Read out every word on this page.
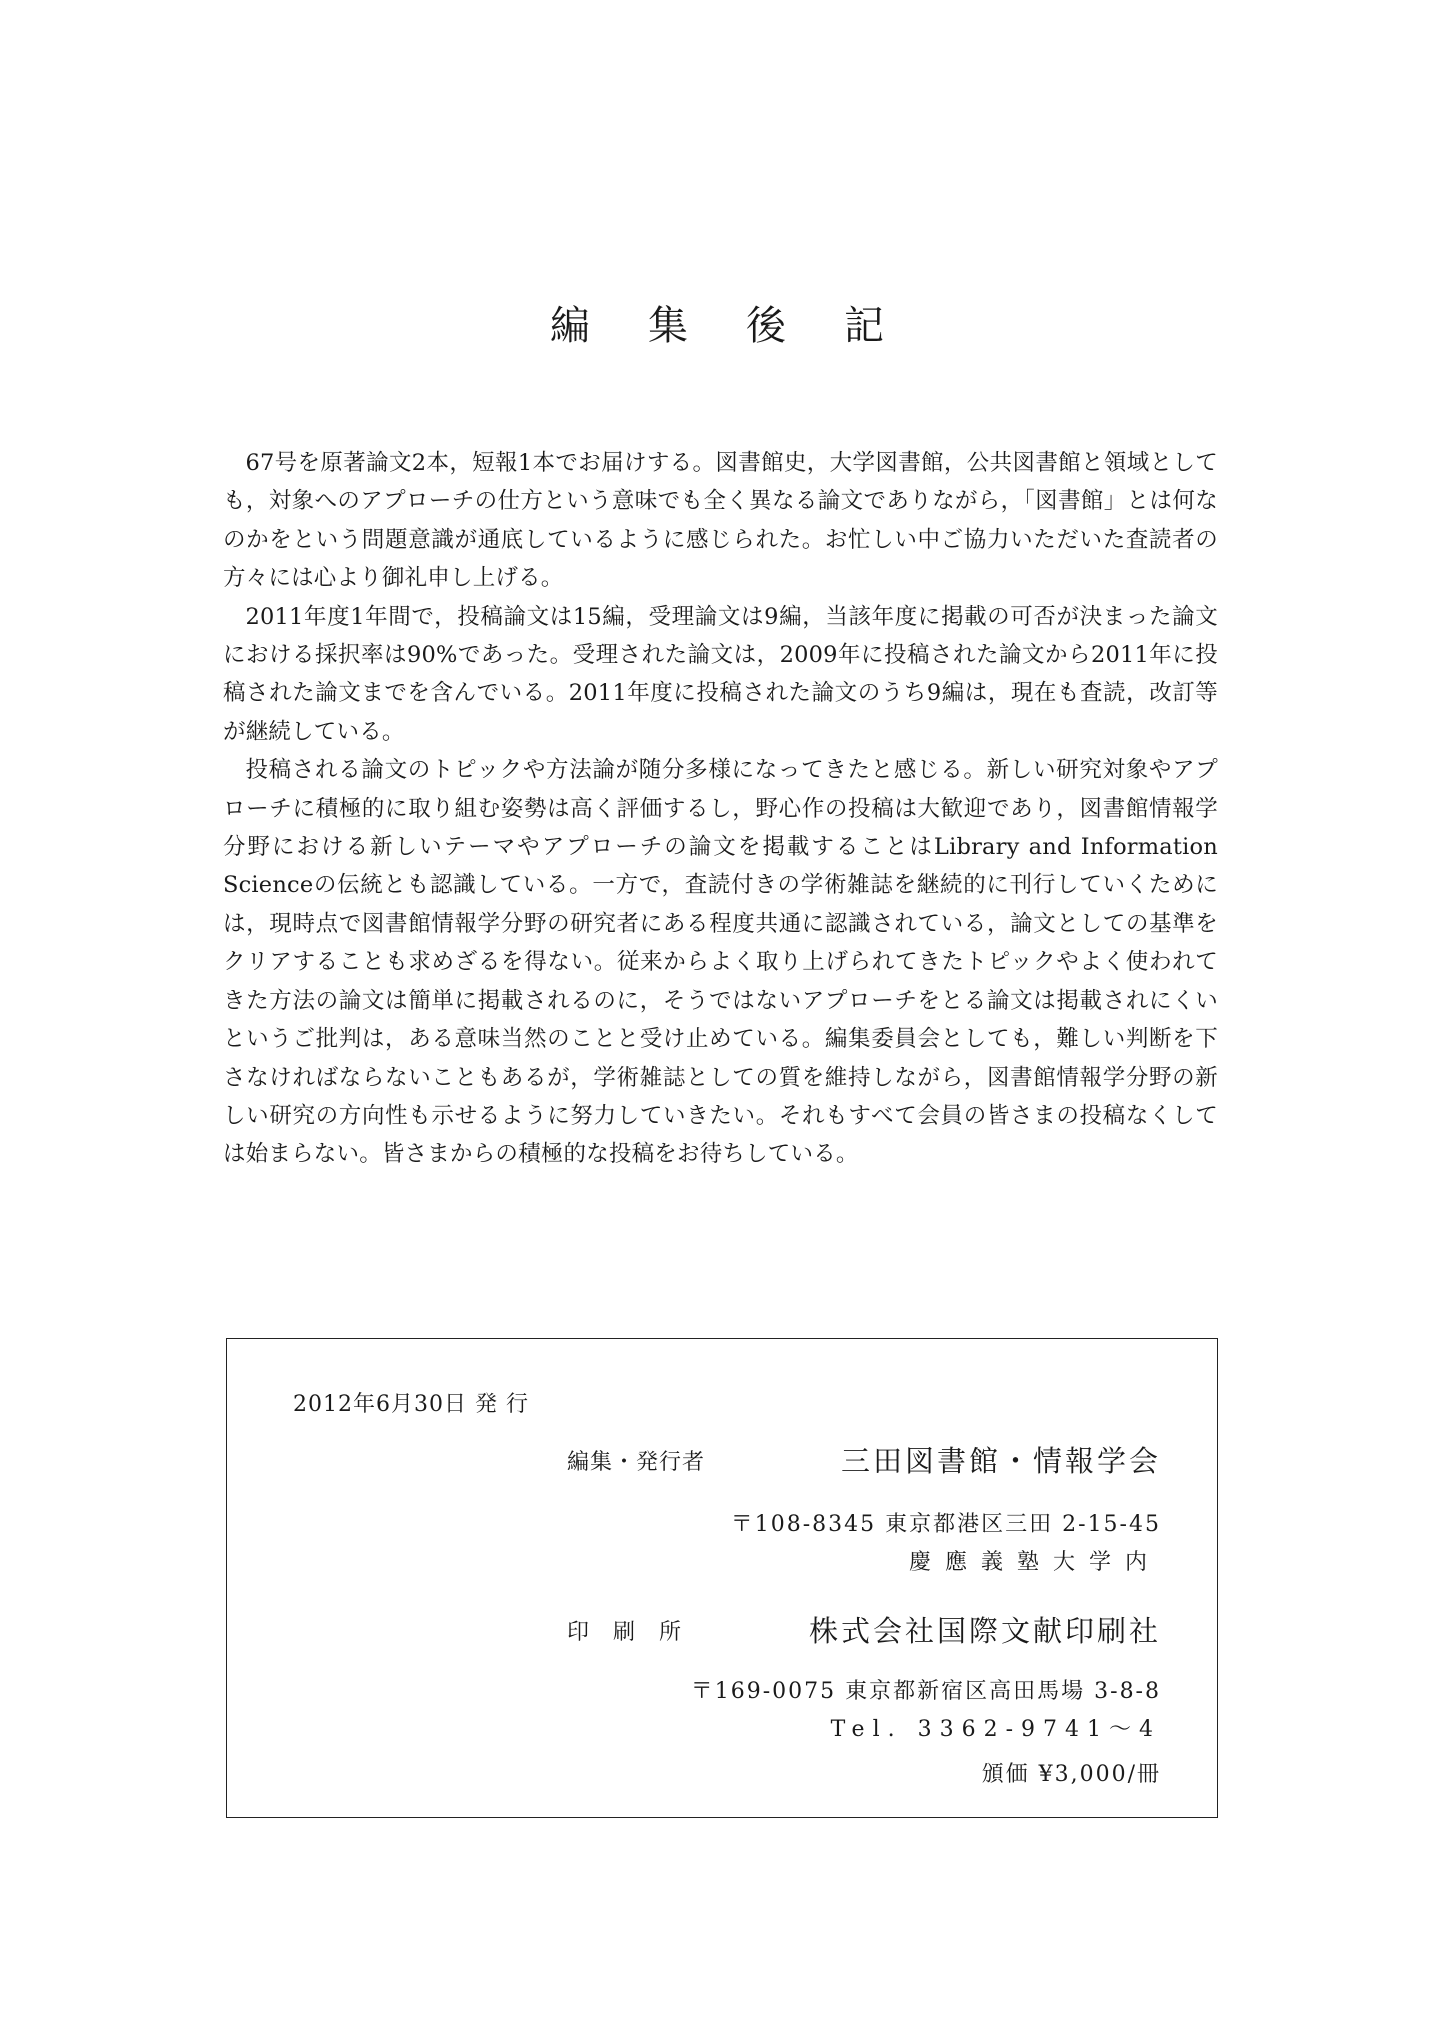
編集後記

67号を原著論文2本，短報1本でお届けする。図書館史，大学図書館，公共図書館と領域としても，対象へのアプローチの仕方という意味でも全く異なる論文でありながら，「図書館」とは何なのかをという問題意識が通底しているように感じられた。お忙しい中ご協力いただいた査読者の方々には心より御礼申し上げる。

2011年度1年間で，投稿論文は15編，受理論文は9編，当該年度に掲載の可否が決まった論文における採択率は90%であった。受理された論文は，2009年に投稿された論文から2011年に投稿された論文までを含んでいる。2011年度に投稿された論文のうち9編は，現在も査読，改訂等が継続している。

投稿される論文のトピックや方法論が随分多様になってきたと感じる。新しい研究対象やアプローチに積極的に取り組む姿勢は高く評価するし，野心作の投稿は大歓迎であり，図書館情報学分野における新しいテーマやアプローチの論文を掲載することはLibrary and Information Scienceの伝統とも認識している。一方で，査読付きの学術雑誌を継続的に刊行していくためには，現時点で図書館情報学分野の研究者にある程度共通に認識されている，論文としての基準をクリアすることも求めざるを得ない。従来からよく取り上げられてきたトピックやよく使われてきた方法の論文は簡単に掲載されるのに，そうではないアプローチをとる論文は掲載されにくいというご批判は，ある意味当然のことと受け止めている。編集委員会としても，難しい判断を下さなければならないこともあるが，学術雑誌としての質を維持しながら，図書館情報学分野の新しい研究の方向性も示せるように努力していきたい。それもすべて会員の皆さまの投稿なくしては始まらない。皆さまからの積極的な投稿をお待ちしている。

2012年6月30日 発 行
編集・発行者	三田図書館・情報学会
〒108-8345 東京都港区三田 2-15-45
慶應義塾大学内
印　刷　所	株式会社国際文献印刷社
〒169-0075 東京都新宿区高田馬場 3-8-8
Tel. 3362-9741～4
頒価 ¥3,000/冊
